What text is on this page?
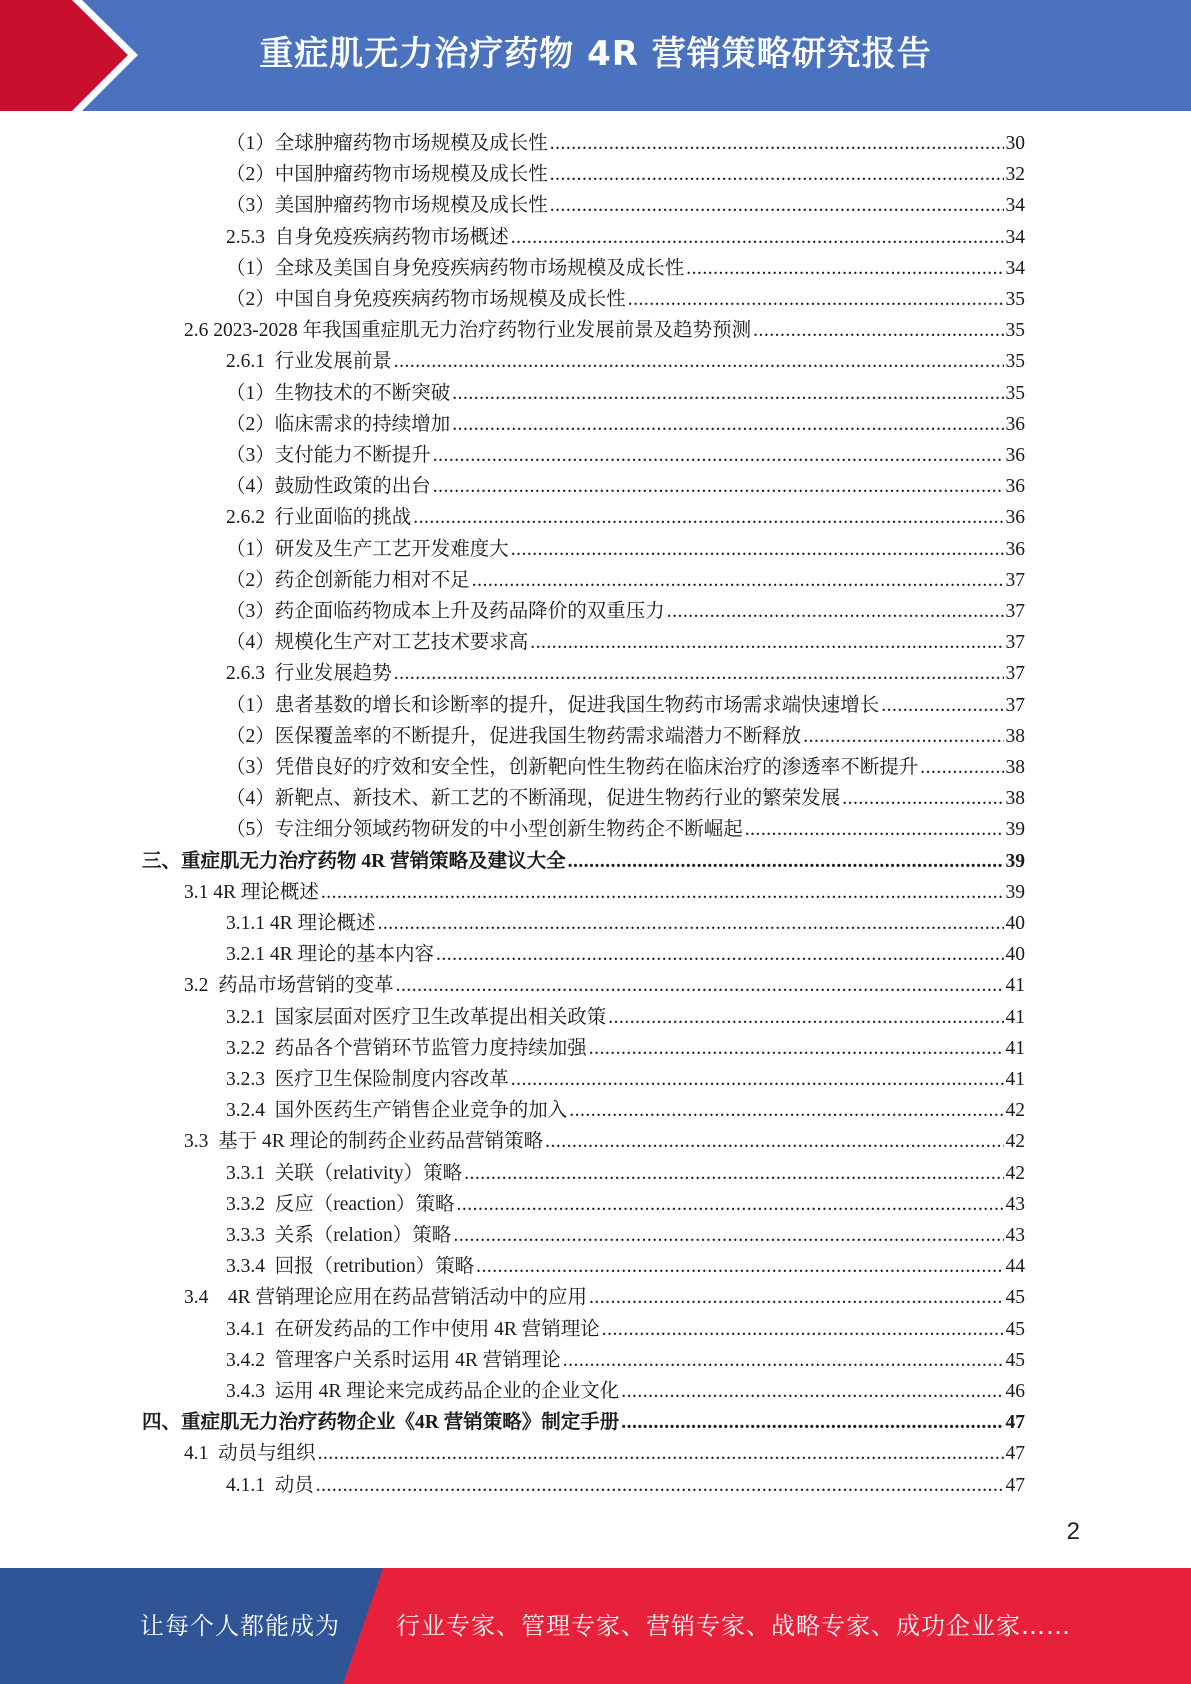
重症肌无力治疗药物 4R 营销策略研究报告
（1）全球肿瘤药物市场规模及成长性 .....	30
（2）中国肿瘤药物市场规模及成长性 .....	32
（3）美国肿瘤药物市场规模及成长性 .....	34
2.5.3  自身免疫疾病药物市场概述 .....	34
（1）全球及美国自身免疫疾病药物市场规模及成长性 .....	34
（2）中国自身免疫疾病药物市场规模及成长性 .....	35
2.6 2023-2028 年我国重症肌无力治疗药物行业发展前景及趋势预测 .....	35
2.6.1  行业发展前景 .....	35
（1）生物技术的不断突破 .....	35
（2）临床需求的持续增加 .....	36
（3）支付能力不断提升 .....	36
（4）鼓励性政策的出台 .....	36
2.6.2  行业面临的挑战 .....	36
（1）研发及生产工艺开发难度大 .....	36
（2）药企创新能力相对不足 .....	37
（3）药企面临药物成本上升及药品降价的双重压力 .....	37
（4）规模化生产对工艺技术要求高 .....	37
2.6.3  行业发展趋势 .....	37
（1）患者基数的增长和诊断率的提升，促进我国生物药市场需求端快速增长 .....	37
（2）医保覆盖率的不断提升，促进我国生物药需求端潜力不断释放 .....	38
（3）凭借良好的疗效和安全性，创新靶向性生物药在临床治疗的渗透率不断提升 .....	38
（4）新靶点、新技术、新工艺的不断涌现，促进生物药行业的繁荣发展 .....	38
（5）专注细分领域药物研发的中小型创新生物药企不断崛起 .....	39
三、重症肌无力治疗药物 4R 营销策略及建议大全 .....	39
3.1 4R 理论概述 .....	39
3.1.1 4R 理论概述 .....	40
3.2.1 4R 理论的基本内容 .....	40
3.2  药品市场营销的变革 .....	41
3.2.1  国家层面对医疗卫生改革提出相关政策 .....	41
3.2.2  药品各个营销环节监管力度持续加强 .....	41
3.2.3  医疗卫生保险制度内容改革 .....	41
3.2.4  国外医药生产销售企业竞争的加入 .....	42
3.3  基于 4R 理论的制药企业药品营销策略 .....	42
3.3.1  关联（relativity）策略 .....	42
3.3.2  反应（reaction）策略 .....	43
3.3.3  关系（relation）策略 .....	43
3.3.4  回报（retribution）策略 .....	44
3.4    4R 营销理论应用在药品营销活动中的应用 .....	45
3.4.1  在研发药品的工作中使用 4R 营销理论 .....	45
3.4.2  管理客户关系时运用 4R 营销理论 .....	45
3.4.3  运用 4R 理论来完成药品企业的企业文化 .....	46
四、重症肌无力治疗药物企业《4R 营销策略》制定手册 .....	47
4.1  动员与组织 .....	47
4.1.1  动员 .....	47
2
让每个人都能成为 行业专家、管理专家、营销专家、战略专家、成功企业家……
